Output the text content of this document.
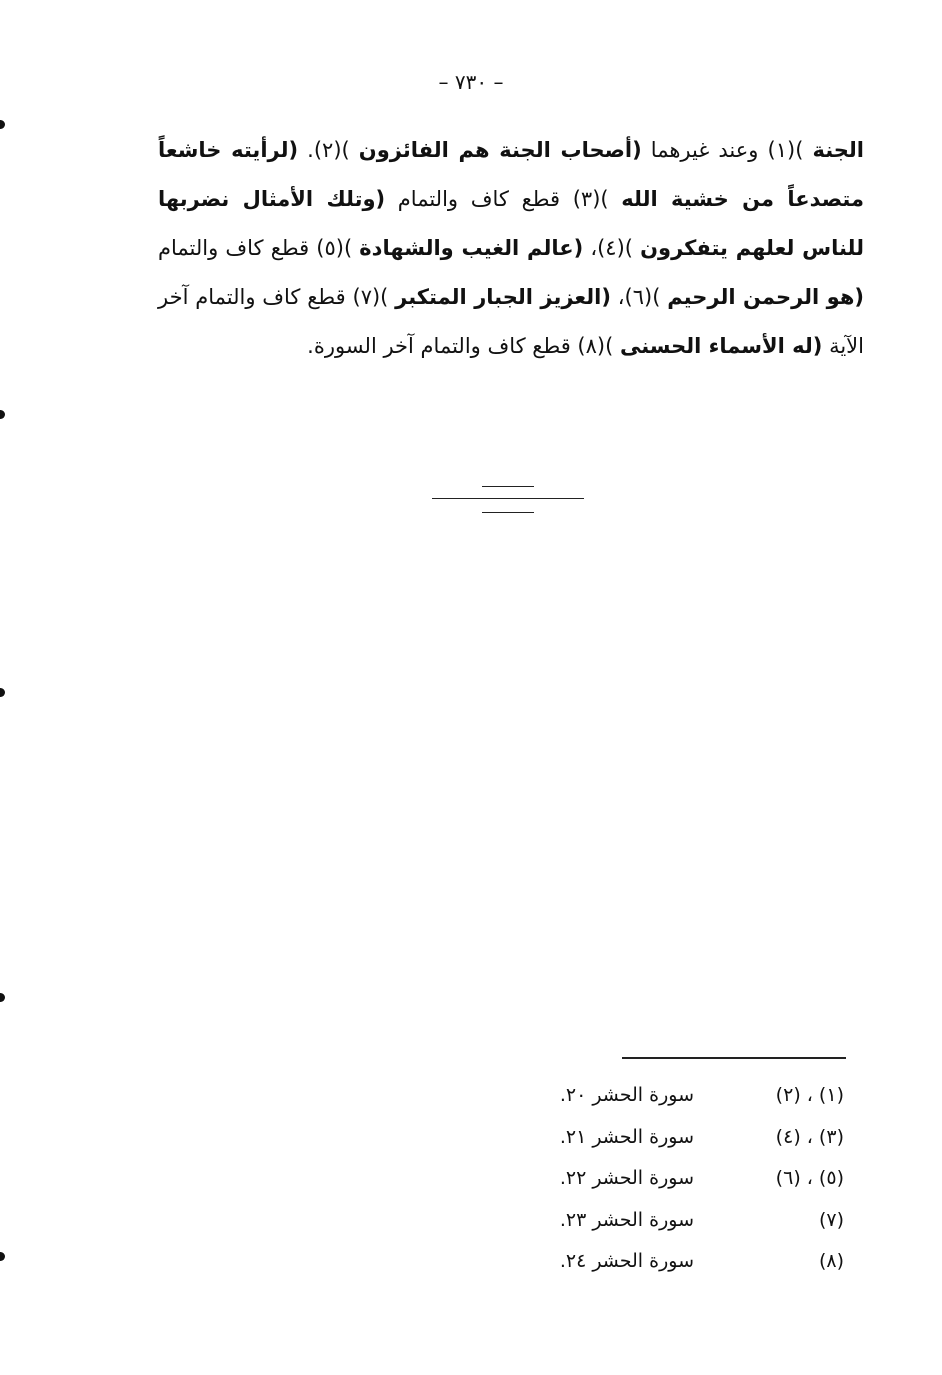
– ٧٣٠ –
الجنة )(١) وعند غيرهما (أصحاب الجنة هم الفائزون )(٢). (لرأيته خاشعاً متصدعاً من خشية الله )(٣) قطع كاف والتمام (وتلك الأمثال نضربها للناس لعلهم يتفكرون )(٤)، (عالم الغيب والشهادة )(٥) قطع كاف والتمام (هو الرحمن الرحيم )(٦)، (العزيز الجبار المتكبر )(٧) قطع كاف والتمام آخر الآية (له الأسماء الحسنى )(٨) قطع كاف والتمام آخر السورة.
(١) ، (٢)
سورة الحشر ٢٠.
(٣) ، (٤)
سورة الحشر ٢١.
(٥) ، (٦)
سورة الحشر ٢٢.
(٧)
سورة الحشر ٢٣.
(٨)
سورة الحشر ٢٤.
